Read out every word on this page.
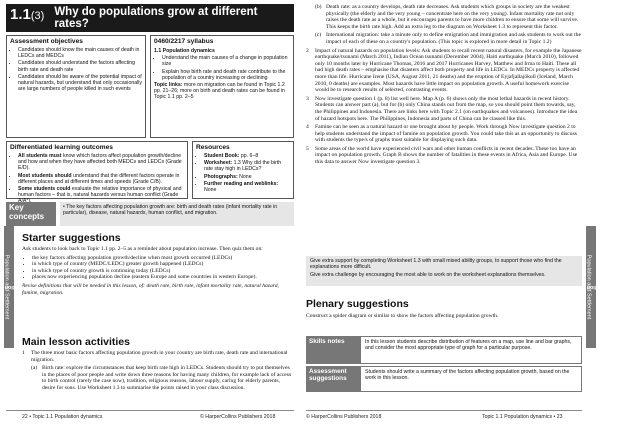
1.1(3) Why do populations grow at different rates?
Assessment objectives
• Candidates should know the main causes of death in LEDCs and MEDCs
• Candidates should understand the factors affecting birth rate and death rate
• Candidates should be aware of the potential impact of natural hazards, but understand that only occasionally are large numbers of people killed in such events
0460/2217 syllabus

1.1 Population dynamics

• Understand the main causes of a change in population size
• Explain how birth rate and death rate contribute to the population of a country increasing or declining

Topic links: more on migration can be found in Topic 1.2 pp. 21–26; more on birth and death rates can be found in Topic 1.1 pp. 2–5

Differentiated learning outcomes
• All students must know which factors affect population growth/decline and how and when they have affected both MEDCs and LEDCs (Grade E/D).
• Most students should understand that the different factors operate in different places and at different times and speeds (Grade C/B).
• Some students could evaluate the relative importance of physical and human factors – that is, natural hazards versus human conflict (Grade
Resources
• Student Book: pp. 6–8
• Worksheet: 1.3 Why did the birth rate stay high in LEDCs?
• Photographs: None
• Further reading and weblinks: None
Key concepts
• The key factors affecting population growth are: birth and death rates (infant mortality rate in particular), disease, natural hazards, human conflict, and migration.
Starter suggestions

Ask students to look back to Topic 1.1 pp. 2–5 as a reminder about population increase. Then quiz them on:

• the key factors affecting population growth/decline when most growth occurred (LEDCs)
• in which type of country (MEDC/LEDC) greater growth happened (LEDCs)
• in which type of country growth is continuing today (LEDCs)
• places now experiencing population decline (eastern Europe and some countries in western Europe).

Revise definitions that will be needed in this lesson, of: death rate, birth rate, infant mortality rate, natural hazard, famine, migration.

Main lesson activities
1	The three most basic factors affecting population growth in your country are birth rate, death rate and international migration.
(a) Birth rate: explore the circumstances that keep birth rate high in LEDCs. Students should try to put themselves in the places of poor people and write down three reasons for having many children, for example lack of access to birth control (rarely the case now), tradition, religious reasons, labour supply, caring for elderly parents, desire for sons. Use Worksheet 1.3 to summarise the points raised in your class discussion.
Section 1
Population and Settlement
22 • Topic 1.1 Population dynamics	© HarperCollins Publishers 2018
(b) Death rate: as a country develops, death rate decreases. Ask students which groups in society are the weakest physically (the elderly and the very young – concentrate here on the very young). Infant mortality rate not only raises the death rate as a whole, but it encourages parents to have more children to ensure that some will survive. This keeps the birth rate high. Add an extra leg to the diagram on Worksheet 1.3 to represent this factor.
(c) International migration: take a minute only to define emigration and immigration and ask students to work out the impact of each of these on a country's population. (This topic is explored in more detail in Topic 1.2)
2	Impact of natural hazards on population levels: Ask students to recall recent natural disasters, for example the Japanese earthquake/tsunami (March 2011), Indian Ocean tsunami (December 2004), Haiti earthquake (March 2010), followed only 10 months later by Hurricane Thomas, 2016 and 2017 Hurricanes Harvey, Matthew and Irma to Haiti. These all had high death rates – emphasise that disasters affect both property and life in LEDCs. In MEDCs property is affected more than life. Hurricane Irene (USA, August 2011, 21 deaths) and the eruption of Eyjafjallajökull (Iceland, March 2010, 0 deaths) are examples. Most hazards have little impact on population growth. A useful homework exercise would be to research results of selected, contrasting events.
3	Now investigate question 1 (p. 8) list well here. Map A (p. 6) shows only the most lethal hazards in recent history. Students can answer part (a), but for (b) only China stands out from the map, so you should point them towards, say, the Philippines and Indonesia. There are links here with Topic 2.1 (on earthquakes and volcanoes). Introduce the idea of hazard hotspots here. The Philippines, Indonesia and parts of China can be classed like this.
4	Famine can be seen as a natural hazard or one brought about by people. Work through Now investigate question 2 to help students understand the impact of famine on population growth. You could take this as an opportunity to discuss with students the type/s of graphs most suitable for displaying such data.
5	Some areas of the world have experienced civil wars and other human conflicts in recent decades. These too have an impact on population growth. Graph B shows the number of fatalities in these events in Africa, Asia and Europe. Use this data to answer Now investigate question 3.

Give extra support by completing Worksheet 1.3 with small mixed ability groups, to support those who find the explanations more difficult.

Give extra challenge by encouraging the most able to work on the worksheet explanations themselves.

Plenary suggestions
Construct a spider diagram or similar to show the factors affecting population growth.
Skills notes	In this lesson students describe distribution of features on a map, use line and bar graphs, and consider the most appropriate type of graph for a particular purpose.
Assessment suggestions
Students should write a summary of the factors affecting population growth, based on the work in this lesson.
Section 1
Population and Settlement
© HarperCollins Publishers 2018	Topic 1.1 Population dynamics • 23
